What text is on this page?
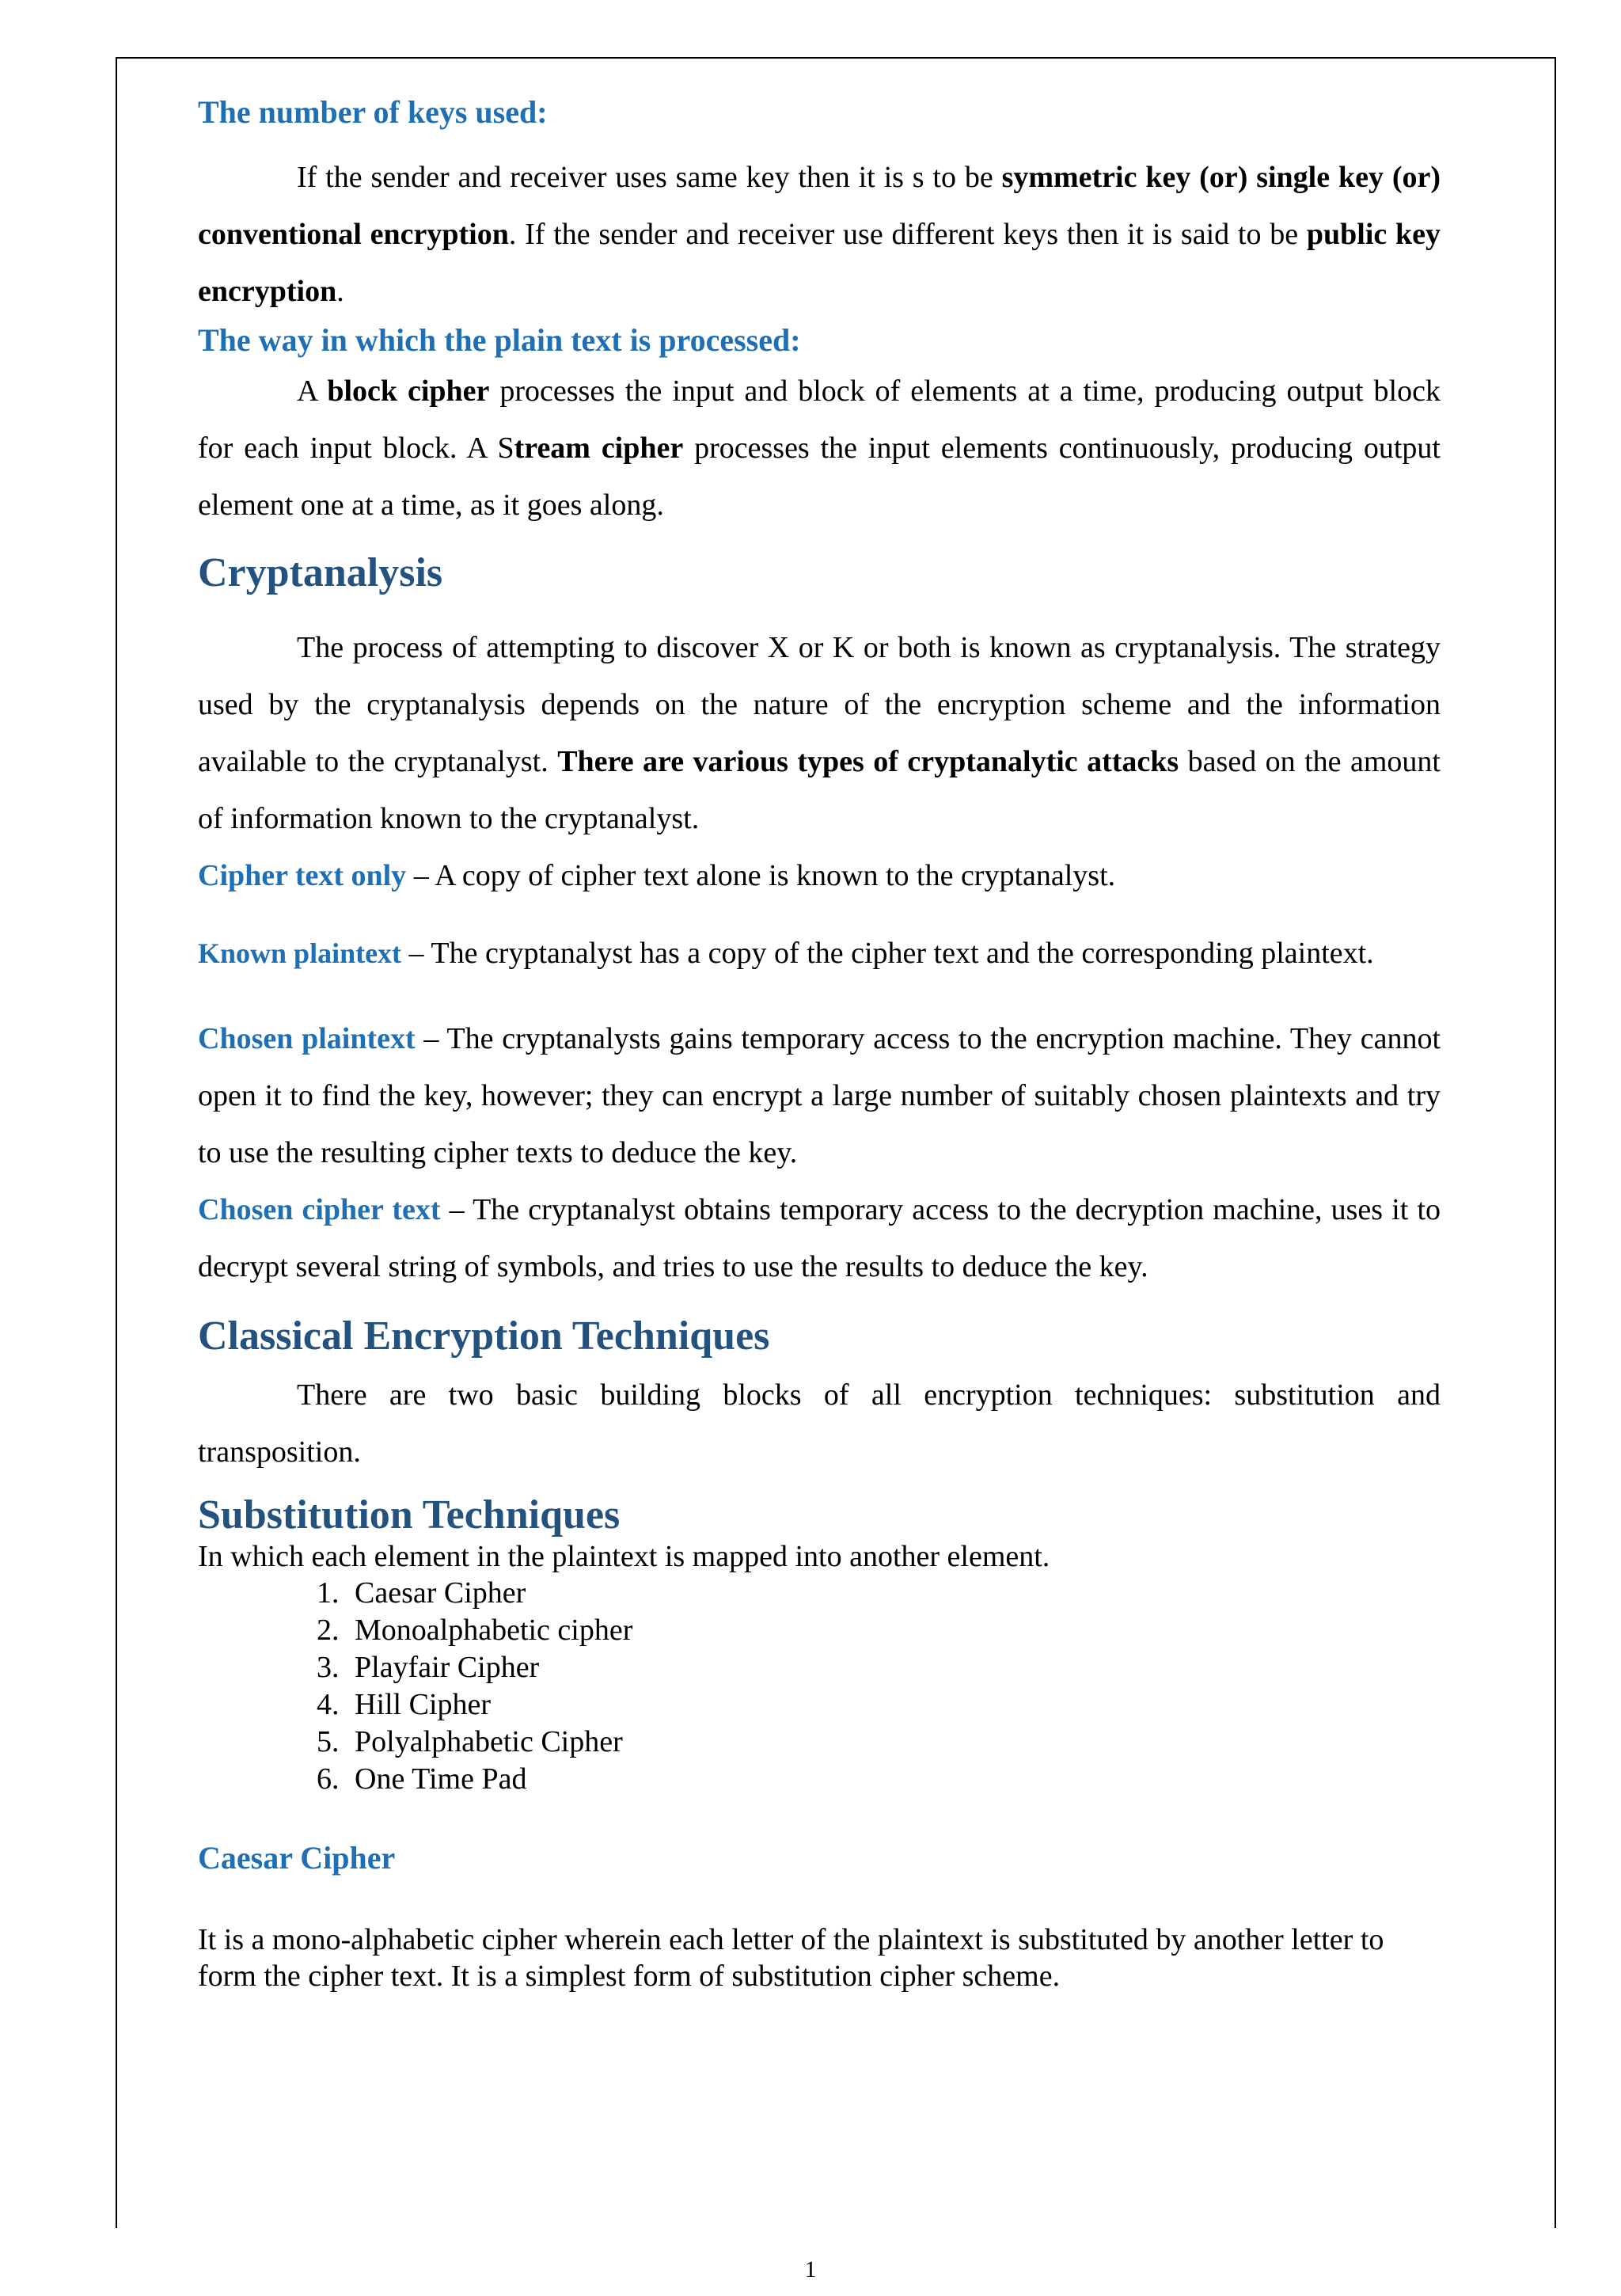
The number of keys used:

If the sender and receiver uses same key then it is s to be symmetric key (or) single key (or) conventional encryption. If the sender and receiver use different keys then it is said to be public key encryption.

The way in which the plain text is processed:

A block cipher processes the input and block of elements at a time, producing output block for each input block. A Stream cipher processes the input elements continuously, producing output element one at a time, as it goes along.

Cryptanalysis

The process of attempting to discover X or K or both is known as cryptanalysis. The strategy used by the cryptanalysis depends on the nature of the encryption scheme and the information available to the cryptanalyst. There are various types of cryptanalytic attacks based on the amount of information known to the cryptanalyst.

Cipher text only – A copy of cipher text alone is known to the cryptanalyst.

Known plaintext – The cryptanalyst has a copy of the cipher text and the corresponding plaintext.

Chosen plaintext – The cryptanalysts gains temporary access to the encryption machine. They cannot open it to find the key, however; they can encrypt a large number of suitably chosen plaintexts and try to use the resulting cipher texts to deduce the key.

Chosen cipher text – The cryptanalyst obtains temporary access to the decryption machine, uses it to decrypt several string of symbols, and tries to use the results to deduce the key.

Classical Encryption Techniques

There are two basic building blocks of all encryption techniques: substitution and transposition.

Substitution Techniques

In which each element in the plaintext is mapped into another element.

1. Caesar Cipher
2. Monoalphabetic cipher
3. Playfair Cipher
4. Hill Cipher
5. Polyalphabetic Cipher
6. One Time Pad
Caesar Cipher

It is a mono-alphabetic cipher wherein each letter of the plaintext is substituted by another letter to form the cipher text. It is a simplest form of substitution cipher scheme.

1
